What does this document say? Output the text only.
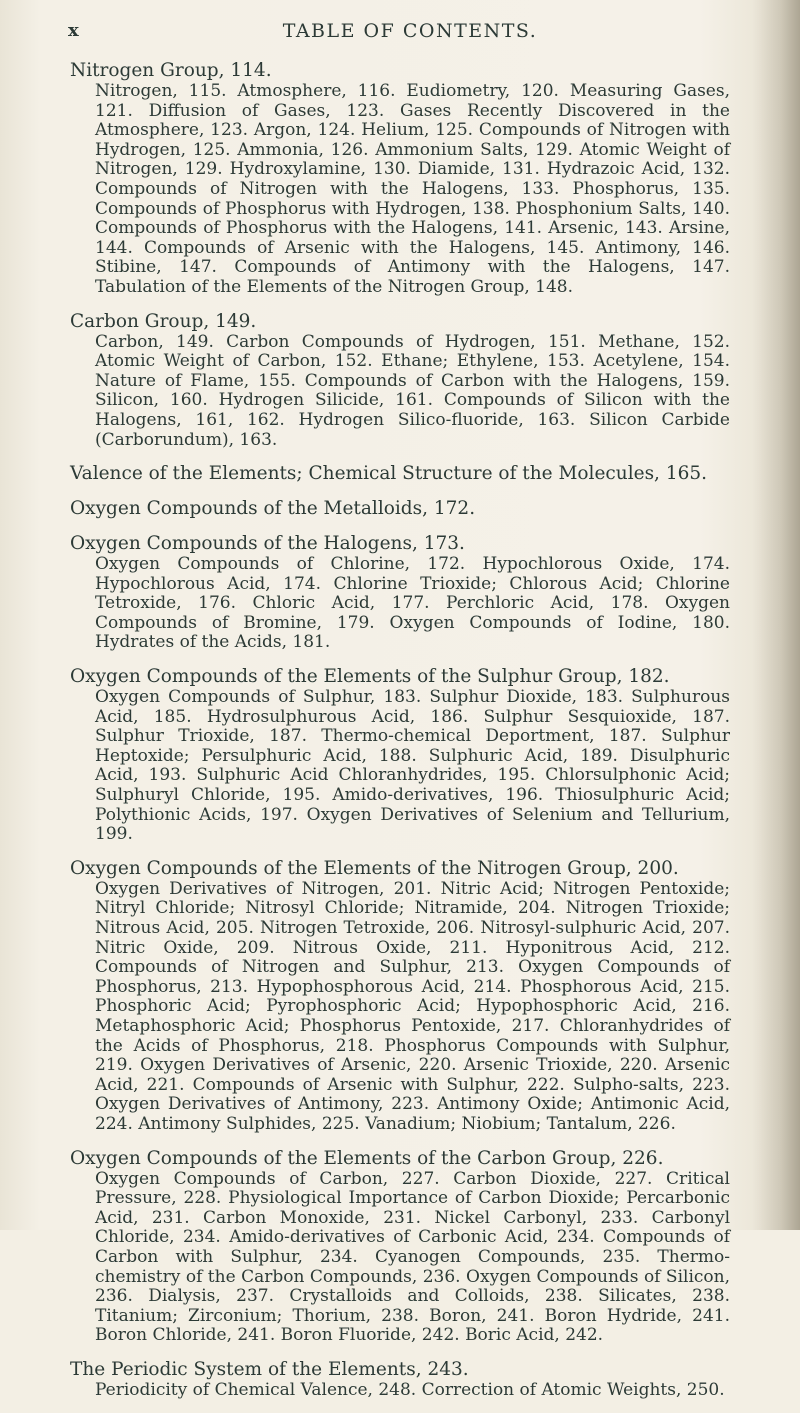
x	TABLE OF CONTENTS.

Nitrogen Group, 114.

Nitrogen, 115. Atmosphere, 116. Eudiometry, 120. Measuring Gases, 121. Diffusion of Gases, 123. Gases Recently Discovered in the Atmosphere, 123. Argon, 124. Helium, 125. Compounds of Nitrogen with Hydrogen, 125. Ammonia, 126. Ammonium Salts, 129. Atomic Weight of Nitrogen, 129. Hydroxylamine, 130. Diamide, 131. Hydrazoic Acid, 132. Compounds of Nitrogen with the Halogens, 133. Phosphorus, 135. Compounds of Phosphorus with Hydrogen, 138. Phosphonium Salts, 140. Compounds of Phosphorus with the Halogens, 141. Arsenic, 143. Arsine, 144. Compounds of Arsenic with the Halogens, 145. Antimony, 146. Stibine, 147. Compounds of Antimony with the Halogens, 147. Tabulation of the Elements of the Nitrogen Group, 148.

Carbon Group, 149.

Carbon, 149. Carbon Compounds of Hydrogen, 151. Methane, 152. Atomic Weight of Carbon, 152. Ethane; Ethylene, 153. Acetylene, 154. Nature of Flame, 155. Compounds of Carbon with the Halogens, 159. Silicon, 160. Hydrogen Silicide, 161. Compounds of Silicon with the Halogens, 161, 162. Hydrogen Silico-fluoride, 163. Silicon Carbide (Carborundum), 163.

Valence of the Elements; Chemical Structure of the Molecules, 165.

Oxygen Compounds of the Metalloids, 172.

Oxygen Compounds of the Halogens, 173.

Oxygen Compounds of Chlorine, 172. Hypochlorous Oxide, 174. Hypochlorous Acid, 174. Chlorine Trioxide; Chlorous Acid; Chlorine Tetroxide, 176. Chloric Acid, 177. Perchloric Acid, 178. Oxygen Compounds of Bromine, 179. Oxygen Compounds of Iodine, 180. Hydrates of the Acids, 181.

Oxygen Compounds of the Elements of the Sulphur Group, 182.

Oxygen Compounds of Sulphur, 183. Sulphur Dioxide, 183. Sulphurous Acid, 185. Hydrosulphurous Acid, 186. Sulphur Sesquioxide, 187. Sulphur Trioxide, 187. Thermo-chemical Deportment, 187. Sulphur Heptoxide; Persulphuric Acid, 188. Sulphuric Acid, 189. Disulphuric Acid, 193. Sulphuric Acid Chloranhydrides, 195. Chlorsulphonic Acid; Sulphuryl Chloride, 195. Amido-derivatives, 196. Thiosulphuric Acid; Polythionic Acids, 197. Oxygen Derivatives of Selenium and Tellurium, 199.

Oxygen Compounds of the Elements of the Nitrogen Group, 200.

Oxygen Derivatives of Nitrogen, 201. Nitric Acid; Nitrogen Pentoxide; Nitryl Chloride; Nitrosyl Chloride; Nitramide, 204. Nitrogen Trioxide; Nitrous Acid, 205. Nitrogen Tetroxide, 206. Nitrosyl-sulphuric Acid, 207. Nitric Oxide, 209. Nitrous Oxide, 211. Hyponitrous Acid, 212. Compounds of Nitrogen and Sulphur, 213. Oxygen Compounds of Phosphorus, 213. Hypophosphorous Acid, 214. Phosphorous Acid, 215. Phosphoric Acid; Pyrophosphoric Acid; Hypophosphoric Acid, 216. Metaphosphoric Acid; Phosphorus Pentoxide, 217. Chloranhydrides of the Acids of Phosphorus, 218. Phosphorus Compounds with Sulphur, 219. Oxygen Derivatives of Arsenic, 220. Arsenic Trioxide, 220. Arsenic Acid, 221. Compounds of Arsenic with Sulphur, 222. Sulpho-salts, 223. Oxygen Derivatives of Antimony, 223. Antimony Oxide; Antimonic Acid, 224. Antimony Sulphides, 225. Vanadium; Niobium; Tantalum, 226.

Oxygen Compounds of the Elements of the Carbon Group, 226.

Oxygen Compounds of Carbon, 227. Carbon Dioxide, 227. Critical Pressure, 228. Physiological Importance of Carbon Dioxide; Percarbonic Acid, 231. Carbon Monoxide, 231. Nickel Carbonyl, 233. Carbonyl Chloride, 234. Amido-derivatives of Carbonic Acid, 234. Compounds of Carbon with Sulphur, 234. Cyanogen Compounds, 235. Thermo-chemistry of the Carbon Compounds, 236. Oxygen Compounds of Silicon, 236. Dialysis, 237. Crystalloids and Colloids, 238. Silicates, 238. Titanium; Zirconium; Thorium, 238. Boron, 241. Boron Hydride, 241. Boron Chloride, 241. Boron Fluoride, 242. Boric Acid, 242.

The Periodic System of the Elements, 243.

Periodicity of Chemical Valence, 248. Correction of Atomic Weights, 250.
